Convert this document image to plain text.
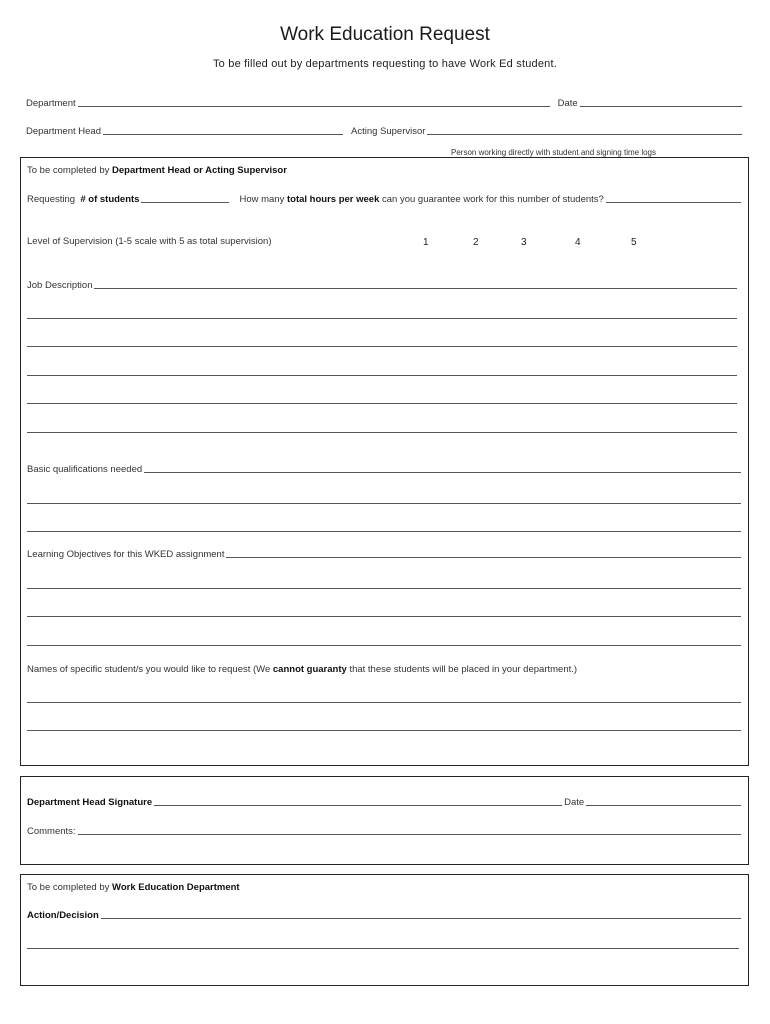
Work Education Request
To be filled out by departments requesting to have Work Ed student.
Department	Date
Department Head	Acting Supervisor
Person working directly with student and signing time logs
To be completed by
Department Head or Acting Supervisor
Requesting
# of students	How many
total hours per week
can you guarantee work for this number of students?
Level of Supervision (1-5 scale with 5 as total supervision)	1	2	3	4	5
Job Description
Basic qualifications needed
Learning Objectives for this WKED assignment
Names of specific student/s you would like to request (We
cannot guaranty
that these students will be placed in your department.)
Department Head Signature	Date
Comments:
To be completed by
Work Education Department
Action/Decision
